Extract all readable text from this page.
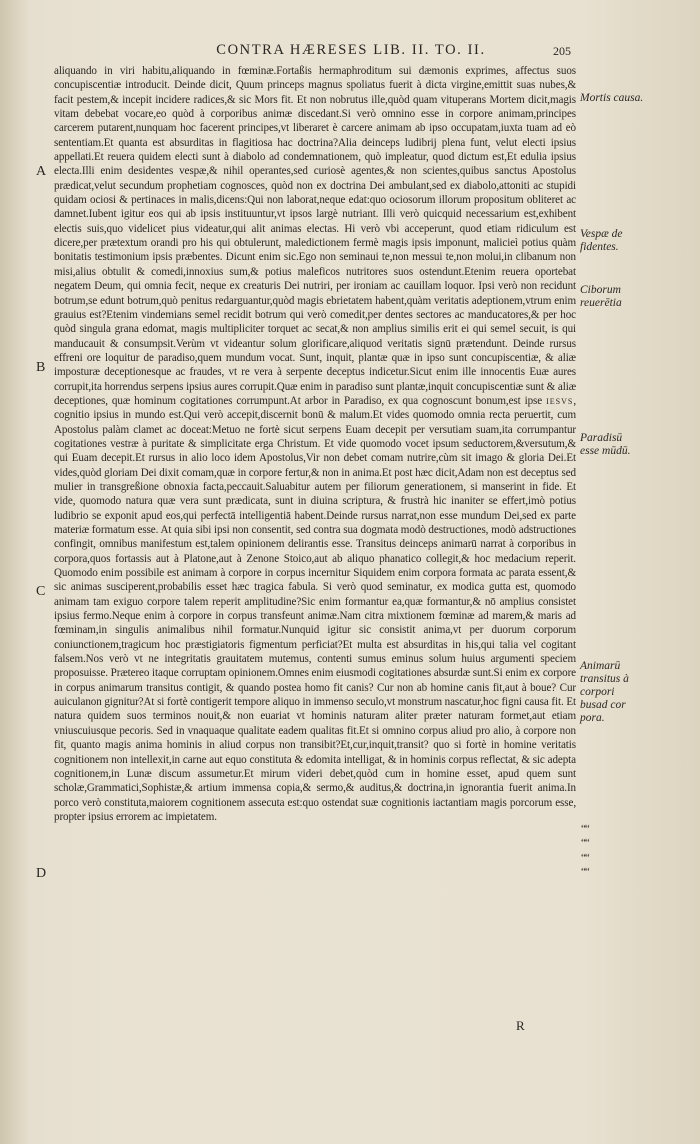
CONTRA HÆRESES LIB. II. TO. II.	205
A
B
C
D
Mortis causa.
Vespæ de fidentes.
Ciborum reuerētia
Paradisū esse mūdū.
Animarū transitus à corpori busad cor pora.
““
““
““
““

aliquando in viri habitu,aliquando in fœminæ.Fortaßis hermaphroditum sui dæmonis exprimes, affectus suos concupiscentiæ introducit. Deinde dicit, Quum princeps magnus spoliatus fuerit à dicta virgine,emittit suas nubes,& facit pestem,& incepit incidere radices,& sic Mors fit. Et non nobrutus ille,quòd quam vituperans Mortem dicit,magis vitam debebat vocare,eo quòd à corporibus animæ discedant.Si verò omnino esse in corpore animam,principes carcerem putarent,nunquam hoc facerent principes,vt liberaret è carcere animam ab ipso occupatam,iuxta tuam ad eò sententiam.Et quanta est absurditas in flagitiosa hac doctrina?Alia deinceps ludibrij plena funt, velut electi ipsius appellati.Et reuera quidem electi sunt à diabolo ad condemnationem, quò impleatur, quod dictum est,Et edulia ipsius electa.Illi enim desidentes vespæ,& nihil operantes,sed curiosè agentes,& non scientes,quibus sanctus Apostolus prædicat,velut secundum prophetiam cognosces, quòd non ex doctrina Dei ambulant,sed ex diabolo,attoniti ac stupidi quidam ociosi & pertinaces in malis,dicens:Qui non laborat,neque edat:quo ociosorum illorum propositum obliteret ac damnet.Iubent igitur eos qui ab ipsis instituuntur,vt ipsos largè nutriant. Illi verò quicquid necessarium est,exhibent electis suis,quo videlicet pius videatur,qui alit animas electas. Hi verò vbi acceperunt, quod etiam ridiculum est dicere,per prætextum orandi pro his qui obtulerunt, maledictionem fermè magis ipsis imponunt, malicieì potius quàm bonitatis testimonium ipsis præbentes. Dicunt enim sic.Ego non seminaui te,non messui te,non molui,in clibanum non misi,alius obtulit & comedi,innoxius sum,& potius maleficos nutritores suos ostendunt.Etenim reuera oportebat negatem Deum, qui omnia fecit, neque ex creaturis Dei nutriri, per ironiam ac cauillam loquor. Ipsi verò non recidunt botrum,se edunt botrum,quò penitus redarguantur,quòd magis ebrietatem habent,quàm veritatis adeptionem,vtrum enim grauius est?Etenim vindemians semel recidit botrum qui verò comedit,per dentes sectores ac manducatores,& per hoc quòd singula grana edomat, magis multipliciter torquet ac secat,& non amplius similis erit ei qui semel secuit, is qui manducauit & consumpsit.Verùm vt videantur solum glorificare,aliquod veritatis signū prætendunt. Deinde rursus effreni ore loquitur de paradiso,quem mundum vocat. Sunt, inquit, plantæ quæ in ipso sunt concupiscentiæ, & aliæ imposturæ deceptionesque ac fraudes, vt re vera à serpente deceptus indicetur.Sicut enim ille innocentis Euæ aures corrupit,ita horrendus serpens ipsius aures corrupit.Quæ enim in paradiso sunt plantæ,inquit concupiscentiæ sunt & aliæ deceptiones, quæ hominum cogitationes corrumpunt.At arbor in Paradiso, ex qua cognoscunt bonum,est ipse iesvs, cognitio ipsius in mundo est.Qui verò accepit,discernit bonū & malum.Et vides quomodo omnia recta peruertit, cum Apostolus palàm clamet ac doceat:Metuo ne fortè sicut serpens Euam decepit per versutiam suam,ita corrumpantur cogitationes vestræ à puritate & simplicitate erga Christum. Et vide quomodo vocet ipsum seductorem,&versutum,& qui Euam decepit.Et rursus in alio loco idem Apostolus,Vir non debet comam nutrire,cùm sit imago & gloria Dei.Et vides,quòd gloriam Dei dixit comam,quæ in corpore fertur,& non in anima.Et post hæc dicit,Adam non est deceptus sed mulier in transgreßione obnoxia facta,peccauit.Saluabitur autem per filiorum generationem, si manserint in fide. Et vide, quomodo natura quæ vera sunt prædicata, sunt in diuina scriptura, & frustrà hic inaniter se effert,imò potius ludibrio se exponit apud eos,qui perfectā intelligentiā habent.Deinde rursus narrat,non esse mundum Dei,sed ex parte materiæ formatum esse. At quia sibi ipsi non consentit, sed contra sua dogmata modò destructiones, modò adstructiones confingit, omnibus manifestum est,talem opinionem delirantis esse. Transitus deinceps animarū narrat à corporibus in corpora,quos fortassis aut à Platone,aut à Zenone Stoico,aut ab aliquo phanatico collegit,& hoc medacium reperit. Quomodo enim possibile est animam à corpore in corpus incernitur Siquidem enim corpora formata ac parata essent,& sic animas susciperent,probabilis esset hæc tragica fabula. Si verò quod seminatur, ex modica gutta est, quomodo animam tam exiguo corpore talem reperit amplitudine?Sic enim formantur ea,quæ formantur,& nō amplius consistet ipsius fermo.Neque enim à corpore in corpus transfeunt animæ.Nam citra mixtionem fœminæ ad marem,& maris ad fœminam,in singulis animalibus nihil formatur.Nunquid igitur sic consistit anima,vt per duorum corporum coniunctionem,tragicum hoc præstigiatoris figmentum perficiat?Et multa est absurditas in his,qui talia vel cogitant falsem.Nos verò vt ne integritatis grauitatem mutemus, contenti sumus eminus solum huius argumenti speciem proposuisse. Prætereo itaque corruptam opinionem.Omnes enim eiusmodi cogitationes absurdæ sunt.Si enim ex corpore in corpus animarum transitus contigit, & quando postea homo fit canis? Cur non ab homine canis fit,aut à boue? Cur auiculanon gignitur?At si fortè contigerit tempore aliquo in immenso seculo,vt monstrum nascatur,hoc figni causa fit. Et natura quidem suos terminos nouit,& non euariat vt hominis naturam aliter præter naturam formet,aut etiam vniuscuiusque pecoris. Sed in vnaquaque qualitate eadem qualitas fit.Et si omnino corpus aliud pro alio, à corpore non fit, quanto magis anima hominis in aliud corpus non transibit?Et,cur,inquit,transit? quo si fortè in homine veritatis cognitionem non intellexit,in carne aut equo constituta & edomita intelligat, & in hominis corpus reflectat, & sic adepta cognitionem,in Lunæ discum assumetur.Et mirum videri debet,quòd cum in homine esset, apud quem sunt scholæ,Grammatici,Sophistæ,& artium immensa copia,& sermo,& auditus,& doctrina,in ignorantia fuerit anima.In porco verò constituta,maiorem cognitionem assecuta est:quo ostendat suæ cognitionis iactantiam magis porcorum esse, propter ipsius errorem ac impietatem.

R
